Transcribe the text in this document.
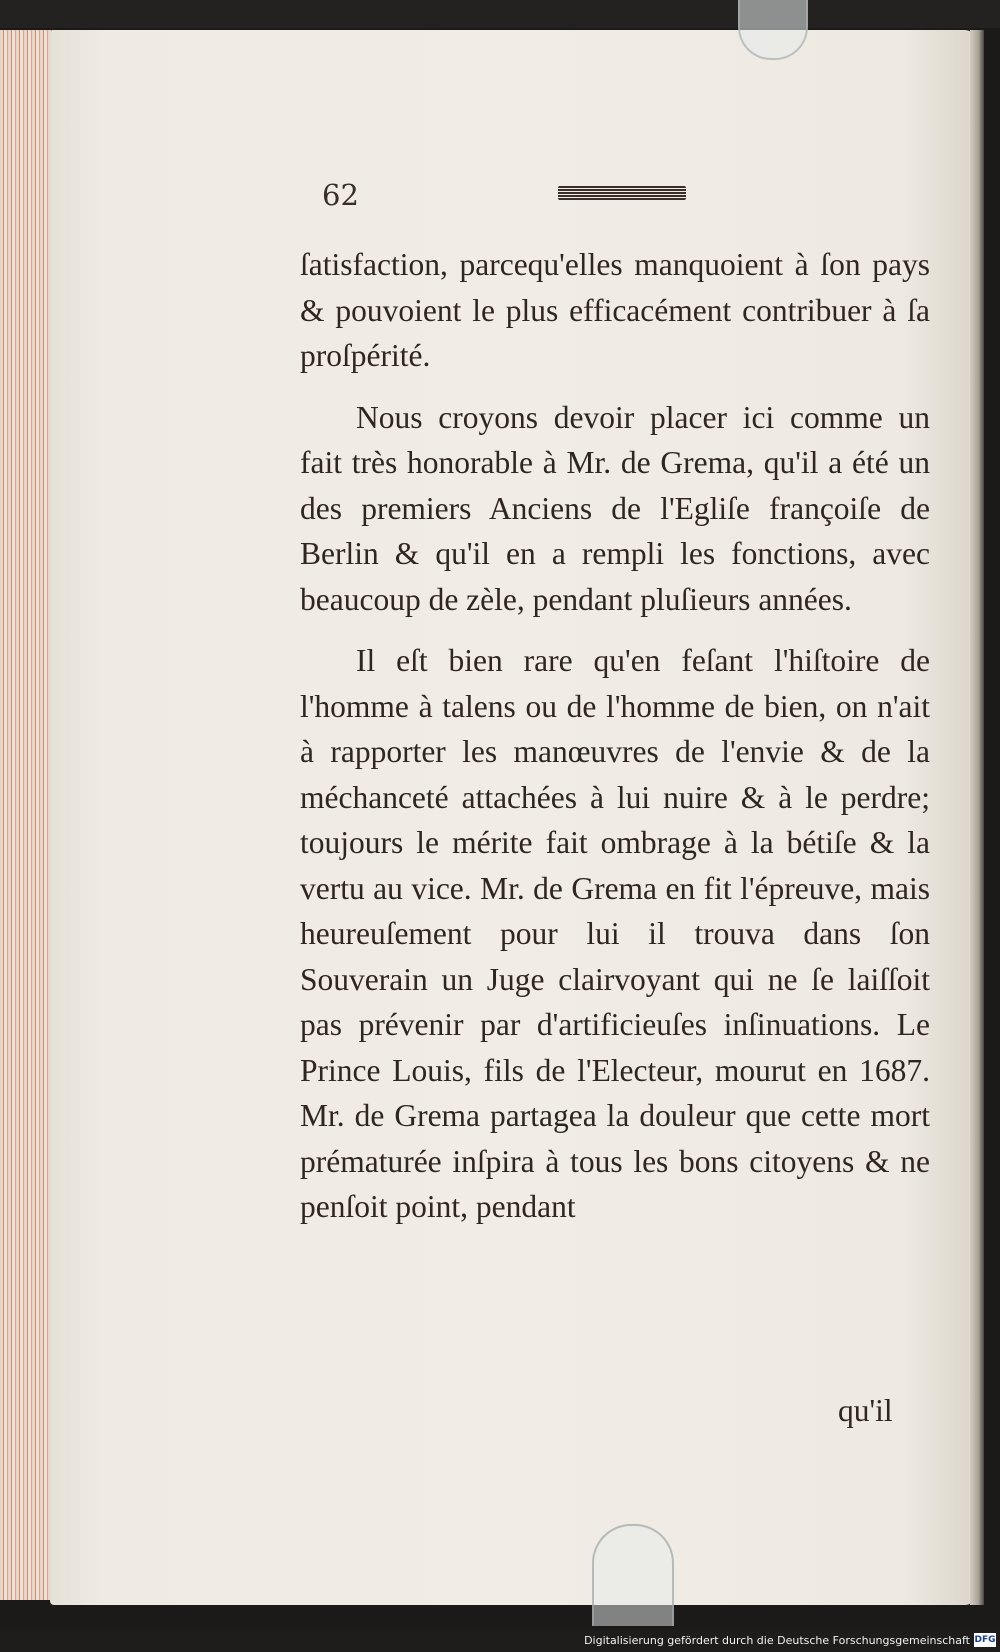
62

ſatisfaction, parcequ'elles manquoient à ſon pays & pouvoient le plus efficacément contribuer à ſa proſpérité.

Nous croyons devoir placer ici comme un fait très honorable à Mr. de Grema, qu'il a été un des premiers Anciens de l'Egliſe françoiſe de Berlin & qu'il en a rempli les fonctions, avec beaucoup de zèle, pendant pluſieurs années.

Il eſt bien rare qu'en feſant l'hiſtoire de l'homme à talens ou de l'homme de bien, on n'ait à rapporter les manœuvres de l'envie & de la méchanceté attachées à lui nuire & à le perdre; toujours le mérite fait ombrage à la bétiſe & la vertu au vice. Mr. de Grema en fit l'épreuve, mais heureuſement pour lui il trouva dans ſon Souverain un Juge clairvoyant qui ne ſe laiſſoit pas prévenir par d'artificieuſes inſinuations. Le Prince Louis, fils de l'Electeur, mourut en 1687. Mr. de Grema partagea la douleur que cette mort prématurée inſpira à tous les bons citoyens & ne penſoit point, pendant

qu'il
Digitalisierung gefördert durch die Deutsche Forschungsgemeinschaft DFG
